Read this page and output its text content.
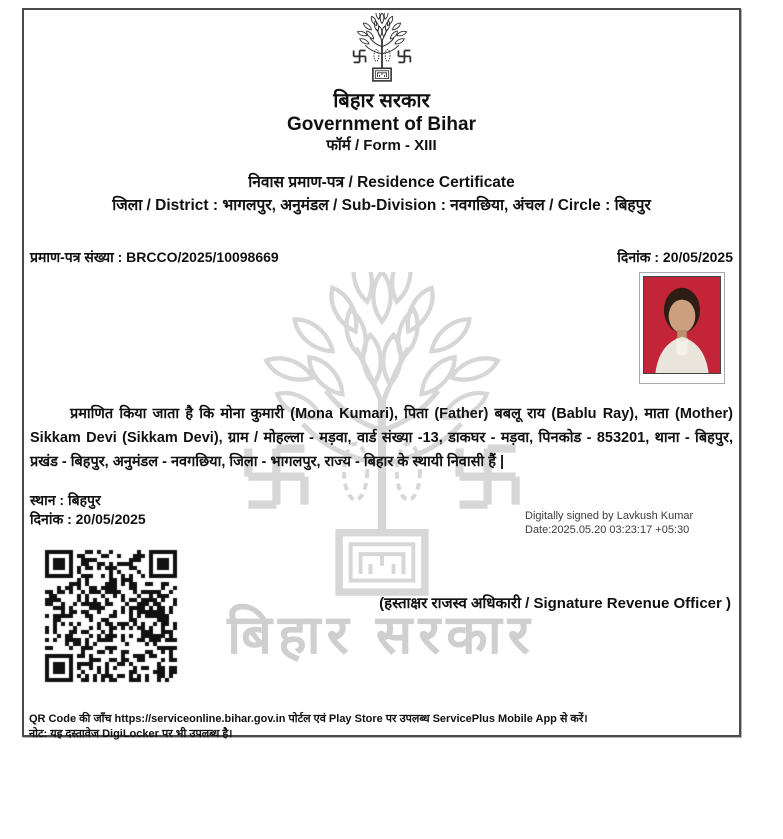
बिहार सरकार
बिहार सरकार
Government of Bihar
फॉर्म / Form - XIII
निवास प्रमाण-पत्र / Residence Certificate
जिला / District : भागलपुर, अनुमंडल / Sub-Division : नवगछिया, अंचल / Circle : बिहपुर
प्रमाण-पत्र संख्या : BRCCO/2025/10098669	दिनांक : 20/05/2025

प्रमाणित किया जाता है कि मोना कुमारी (Mona Kumari), पिता (Father) बबलू राय (Bablu Ray), माता (Mother) Sikkam Devi (Sikkam Devi), ग्राम / मोहल्ला - मड़वा, वार्ड संख्या -13, डाकघर - मड़वा, पिनकोड - 853201, थाना - बिहपुर, प्रखंड - बिहपुर, अनुमंडल - नवगछिया, जिला - भागलपुर, राज्य - बिहार के स्थायी निवासी हैं |

स्थान : बिहपुर
दिनांक : 20/05/2025	Digitally signed by Lavkush Kumar
Date:2025.05.20 03:23:17 +05:30
(हस्ताक्षर राजस्व अधिकारी / Signature Revenue Officer )
QR Code की जाँच https://serviceonline.bihar.gov.in पोर्टल एवं Play Store पर उपलब्ध ServicePlus Mobile App से करें।
नोट: यह दस्तावेज DigiLocker पर भी उपलब्ध है।
